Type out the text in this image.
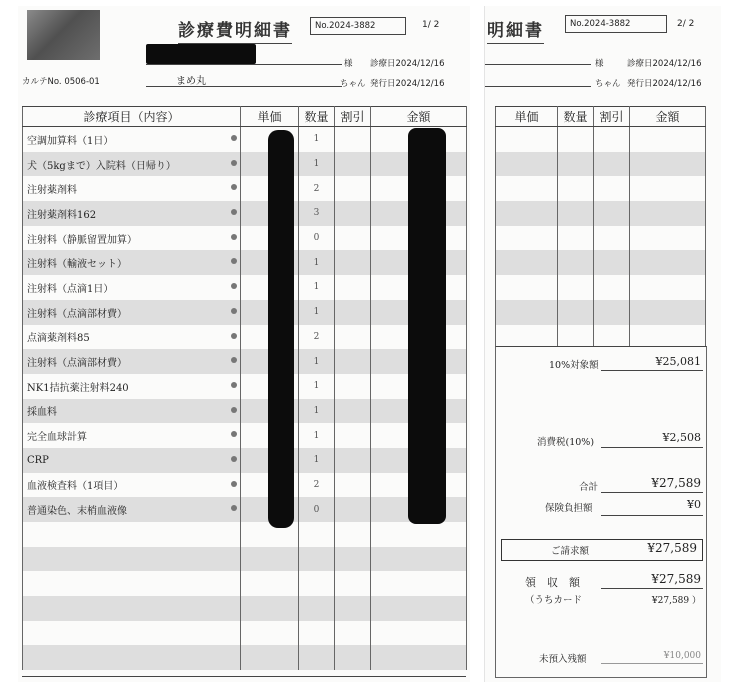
診療費明細書	No.2024-3882	1/ 2
様 診療日2024/12/16
カルテNo. 0506-01	まめ丸	ちゃん 発行日2024/12/16
診療項目（内容）	単価	数量	割引	金額
空調加算料（1日）		1		
犬（5kgまで）入院料（日帰り）		1		
注射薬剤料		2		
注射薬剤料162		3		
注射料（静脈留置加算）		0		
注射料（輸液セット）		1		
注射料（点滴1日）		1		
注射料（点滴部材費）		1		
点滴薬剤料85		2		
注射料（点滴部材費）		1		
NK1拮抗薬注射料240		1		
採血料		1		
完全血球計算		1		
CRP		1		
血液検査料（1項目）		2		
普通染色、末梢血液像		0		

明細書	No.2024-3882	2/ 2
様	診療日2024/12/16
ちゃん 発行日2024/12/16
単価	数量	割引	金額

10%対象額	¥25,081
消費税(10%)	¥2,508
合計	¥27,589
保険負担額	¥0
ご請求額	¥27,589
領　収　額	¥27,589
（うちカード	¥27,589 ）
未預入残額	¥10,000
